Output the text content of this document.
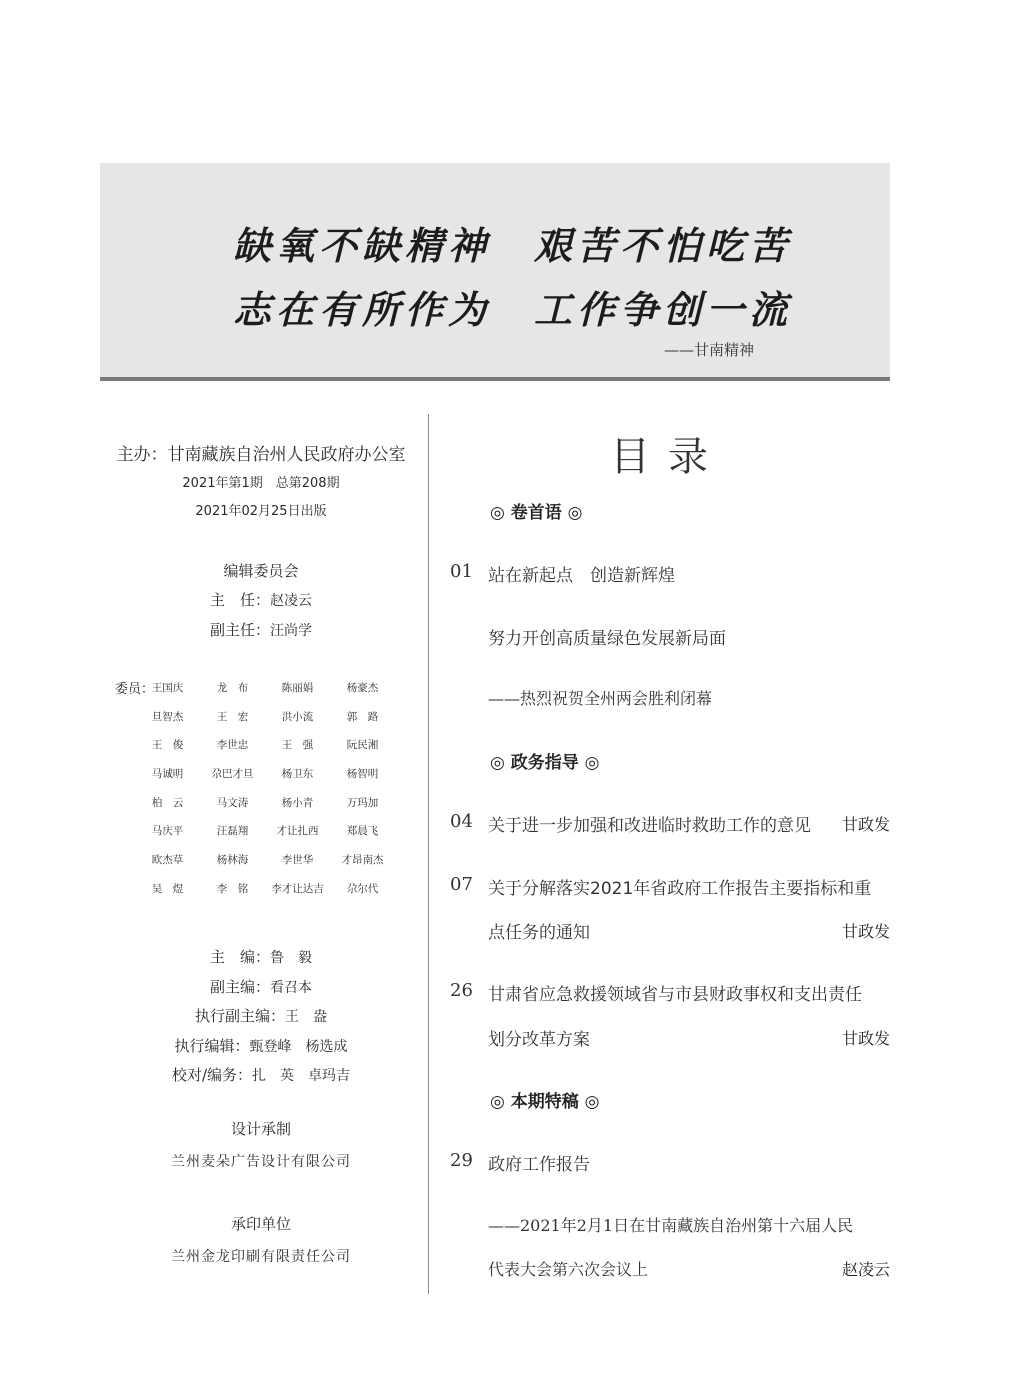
缺氧不缺精神　艰苦不怕吃苦
志在有所作为　工作争创一流
——甘南精神
主办：甘南藏族自治州人民政府办公室
2021年第1期　总第208期
2021年02月25日出版
编辑委员会
主　任：赵凌云
副主任：汪尚学
委员：
王国庆	龙　布	陈丽娟	杨豪杰
旦智杰	王　宏	洪小流	郭　路
王　俊	李世忠	王　强	阮民湘
马诚明	尕巴才旦	杨卫东	杨智明
柏　云	马文涛	杨小青	万玛加
马庆平	汪磊翔	才让扎西	郑晨飞
欧杰草	杨林海	李世华	才昂南杰
吴　煜	李　铭	李才让达吉	尕尔代
主　编：鲁　毅
副主编：看召本
执行副主编：王　盎
执行编辑：甄登峰　杨选成
校对/编务：扎　英　卓玛吉
设计承制
兰州麦朵广告设计有限公司
承印单位
兰州金龙印刷有限责任公司
目录
◎ 卷首语 ◎
01 站在新起点　创造新辉煌
努力开创高质量绿色发展新局面
——热烈祝贺全州两会胜利闭幕
◎ 政务指导 ◎
04 关于进一步加强和改进临时救助工作的意见 甘政发
07 关于分解落实2021年省政府工作报告主要指标和重
点任务的通知	甘政发
26 甘肃省应急救援领域省与市县财政事权和支出责任
划分改革方案	甘政发
◎ 本期特稿 ◎
29 政府工作报告
——2021年2月1日在甘南藏族自治州第十六届人民
代表大会第六次会议上	赵凌云
